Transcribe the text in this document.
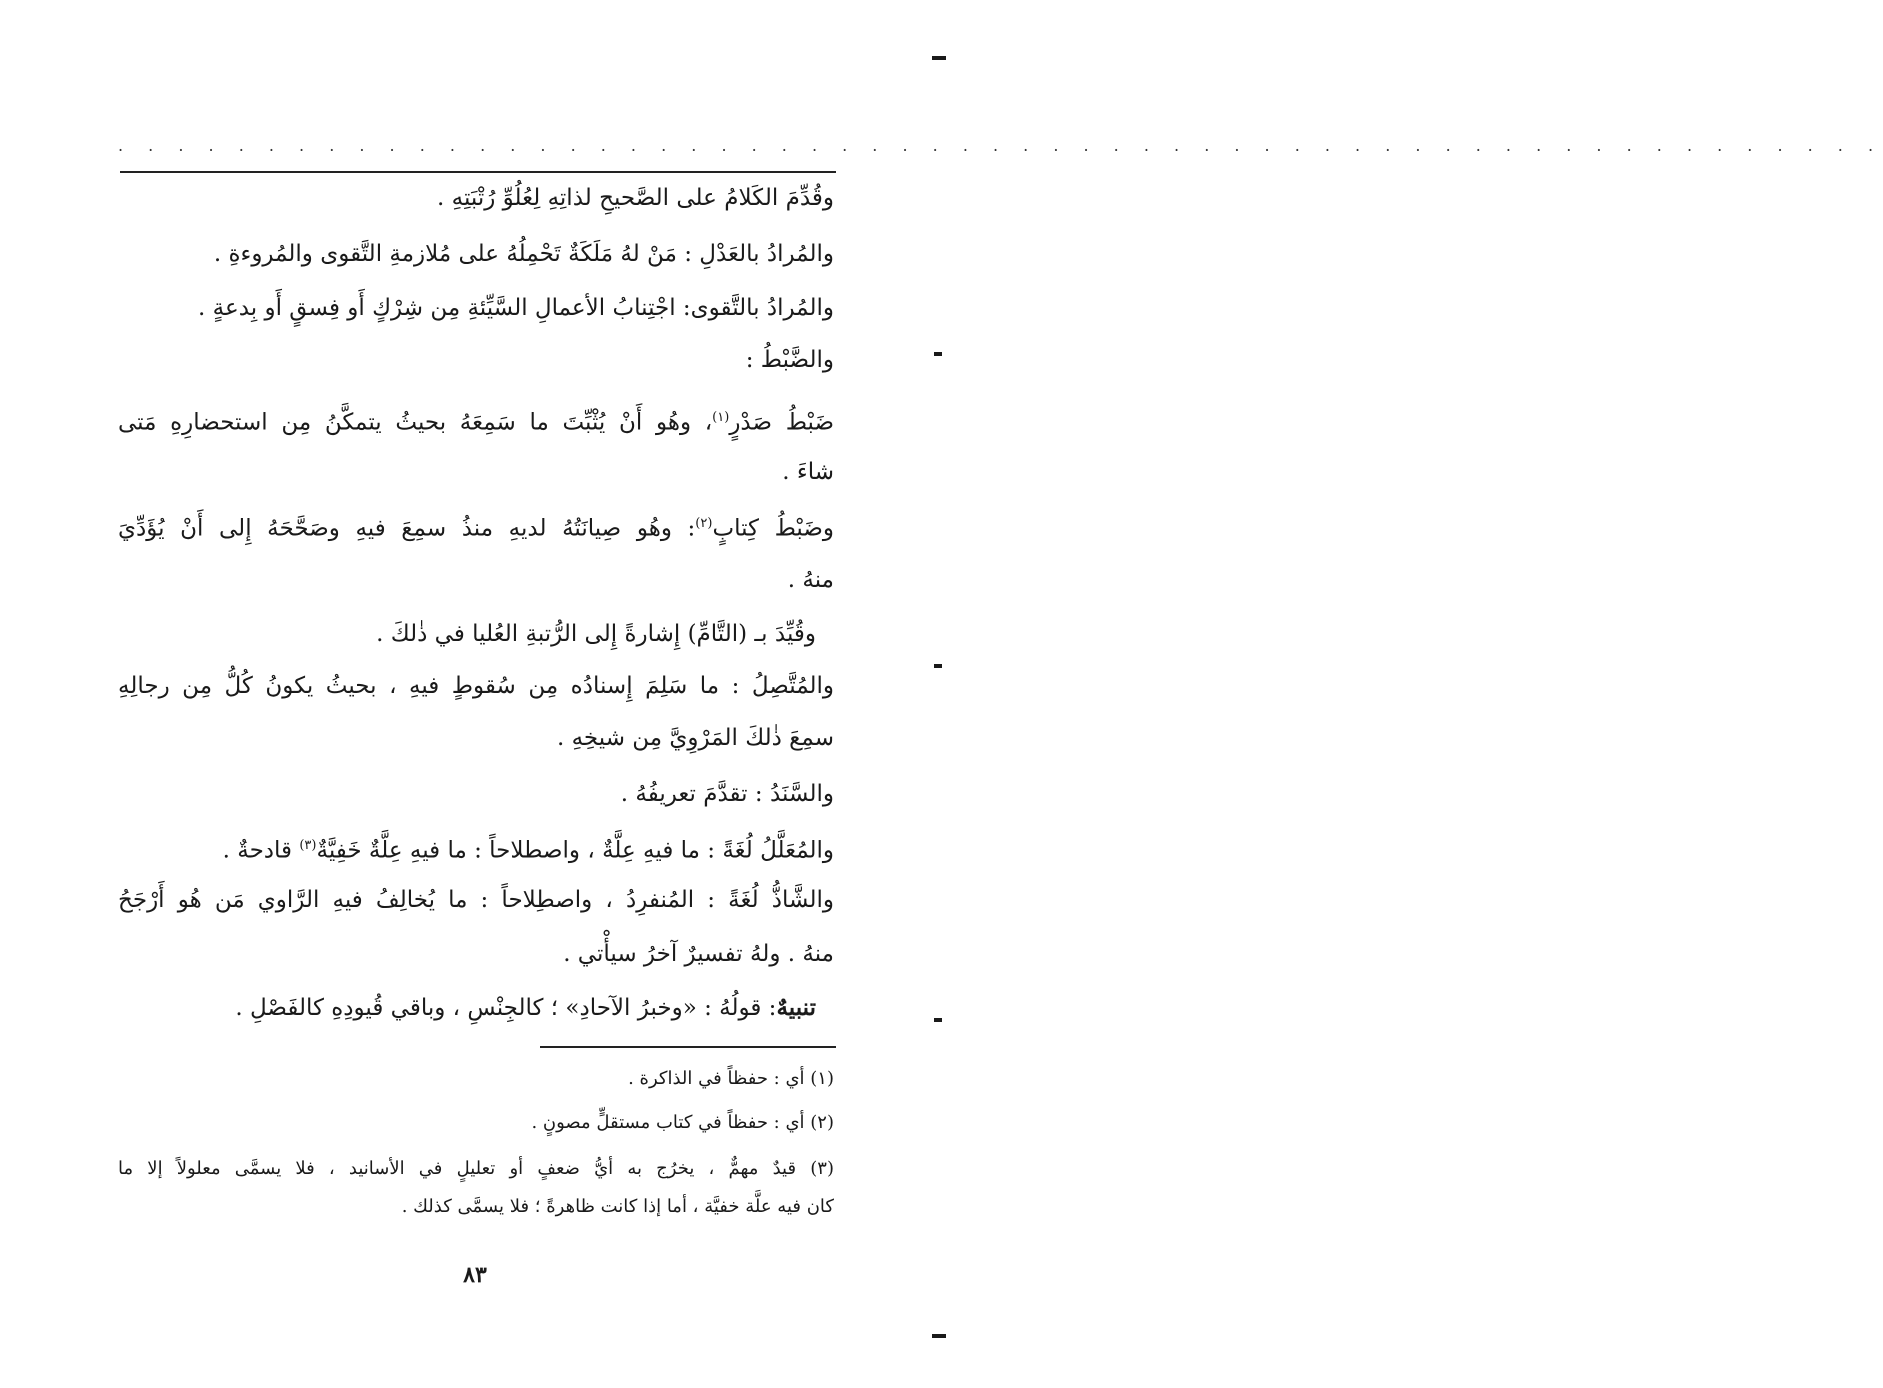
. . . . . . . . . . . . . . . . . . . . . . . . . . . . . . . . . . . . . . . . . . . . . . . . . . . . . . . . . . .
وقُدِّمَ الكَلامُ على الصَّحيحِ لذاتِهِ لِعُلُوِّ رُتْبَتِهِ .
والمُرادُ بالعَدْلِ : مَنْ لهُ مَلَكَةٌ تَحْمِلُهُ على مُلازمةِ التَّقوى والمُروءةِ .
والمُرادُ بالتَّقوى: اجْتِنابُ الأعمالِ السَّيِّئةِ مِن شِرْكٍ أَو فِسقٍ أَو بِدعةٍ .
والضَّبْطُ :
ضَبْطُ صَدْرٍ$^{(١)}$، وهُو أَنْ يُثْبِّتَ ما سَمِعَهُ بحيثُ يتمكَّنُ مِن استحضارِهِ مَتى
شاءَ .
وضَبْطُ كِتابٍ$^{(٢)}$: وهُو صِيانَتُهُ لديهِ منذُ سمِعَ فيهِ وصَحَّحَهُ إِلى أَنْ يُؤَدِّيَ
منهُ .
وقُيِّدَ بـ (التَّامِّ) إِشارةً إِلى الرُّتبةِ العُليا في ذٰلكَ .
والمُتَّصِلُ : ما سَلِمَ إِسنادُه مِن سُقوطٍ فيهِ ، بحيثُ يكونُ كُلُّ مِن رجالِهِ
سمِعَ ذٰلكَ المَرْوِيَّ مِن شيخِهِ .
والسَّنَدُ : تقدَّمَ تعريفُهُ .
والمُعَلَّلُ لُغَةً : ما فيهِ عِلَّةٌ ، واصطلاحاً : ما فيهِ عِلَّةٌ خَفِيَّةٌ$^{(٣)}$ قادحةٌ .
والشَّاذُّ لُغَةً : المُنفرِدُ ، واصطِلاحاً : ما يُخالِفُ فيهِ الرَّاوي مَن هُو أَرْجَحُ
منهُ . ولهُ تفسيرٌ آخرُ سيأْتي .
تنبيهٌ: قولُهُ : «وخبرُ الآحادِ» ؛ كالجِنْسِ ، وباقي قُيودِهِ كالفَصْلِ .
(١) أي : حفظاً في الذاكرة .
(٢) أي : حفظاً في كتاب مستقلٍّ مصونٍ .
(٣) قيدٌ مهمٌّ ، يخرُج به أيُّ ضعفٍ أو تعليلٍ في الأسانيد ، فلا يسمَّى معلولاً إلا ما
كان فيه علَّة خفيَّة ، أما إذا كانت ظاهرةً ؛ فلا يسمَّى كذلك .
٨٣
